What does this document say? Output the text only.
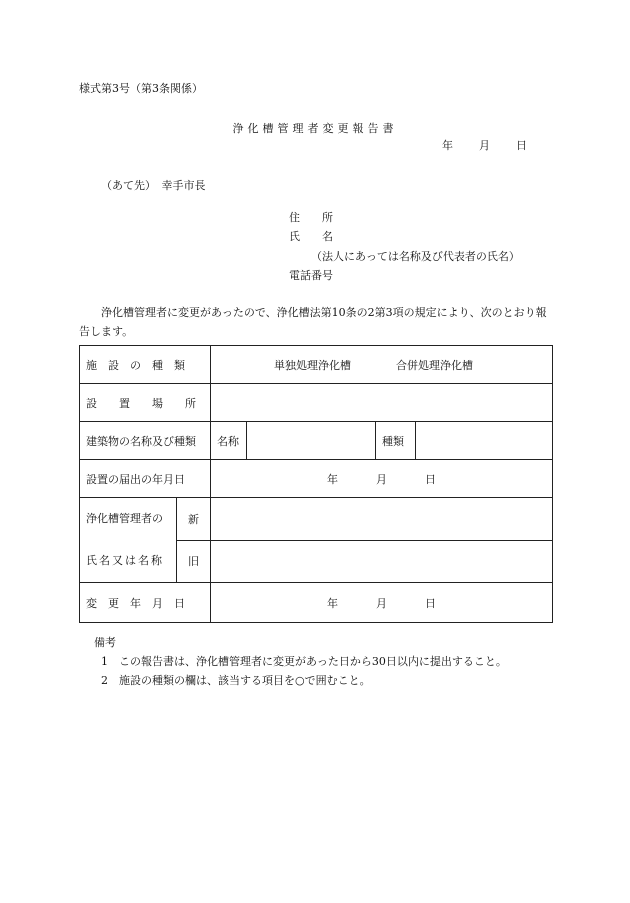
様式第3号（第3条関係）
浄化槽管理者変更報告書
年 月 日
（あて先）　幸手市長
住　　所
氏　　名
（法人にあっては名称及び代表者の氏名）
電話番号
浄化槽管理者に変更があったので、浄化槽法第10条の2第3項の規定により、次のとおり報告します。
施　設　の　種　類		単独処理浄化槽 合併処理浄化槽			
設　　置　　場　　所					
建築物の名称及び種類		名称		種類	
設置の届出の年月日		年 月 日			

浄化槽管理者の
氏名又は名称	新				
	旧				
変　更　年　月　日		年 月 日			
備考
1　この報告書は、浄化槽管理者に変更があった日から30日以内に提出すること。
2　施設の種類の欄は、該当する項目を○で囲むこと。
